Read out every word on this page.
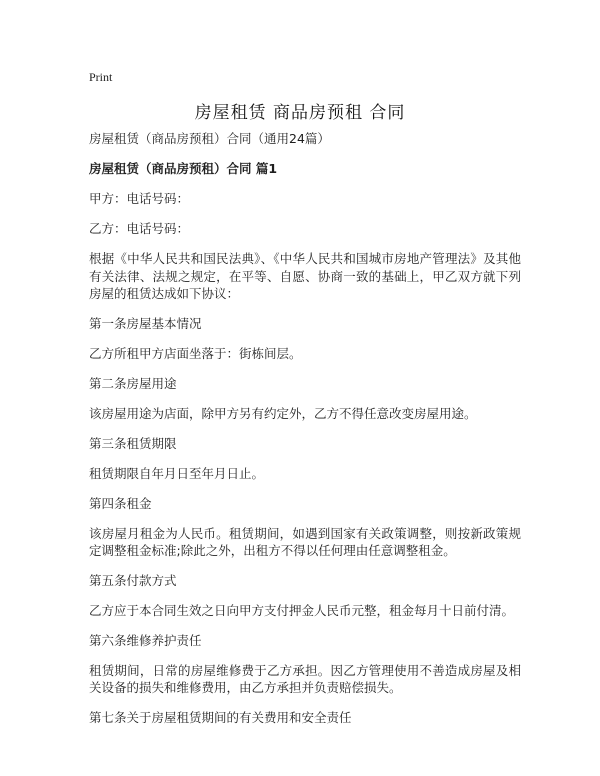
Print
房屋租赁 商品房预租 合同

房屋租赁（商品房预租）合同（通用24篇）

房屋租赁（商品房预租）合同 篇1

甲方：电话号码：

乙方：电话号码：

根据《中华人民共和国民法典》、《中华人民共和国城市房地产管理法》及其他有关法律、法规之规定，在平等、自愿、协商一致的基础上，甲乙双方就下列房屋的租赁达成如下协议：

第一条房屋基本情况

乙方所租甲方店面坐落于：街栋间层。

第二条房屋用途

该房屋用途为店面，除甲方另有约定外，乙方不得任意改变房屋用途。

第三条租赁期限

租赁期限自年月日至年月日止。

第四条租金

该房屋月租金为人民币。租赁期间，如遇到国家有关政策调整，则按新政策规定调整租金标准;除此之外，出租方不得以任何理由任意调整租金。

第五条付款方式

乙方应于本合同生效之日向甲方支付押金人民币元整，租金每月十日前付清。

第六条维修养护责任

租赁期间，日常的房屋维修费于乙方承担。因乙方管理使用不善造成房屋及相关设备的损失和维修费用，由乙方承担并负责赔偿损失。

第七条关于房屋租赁期间的有关费用和安全责任
